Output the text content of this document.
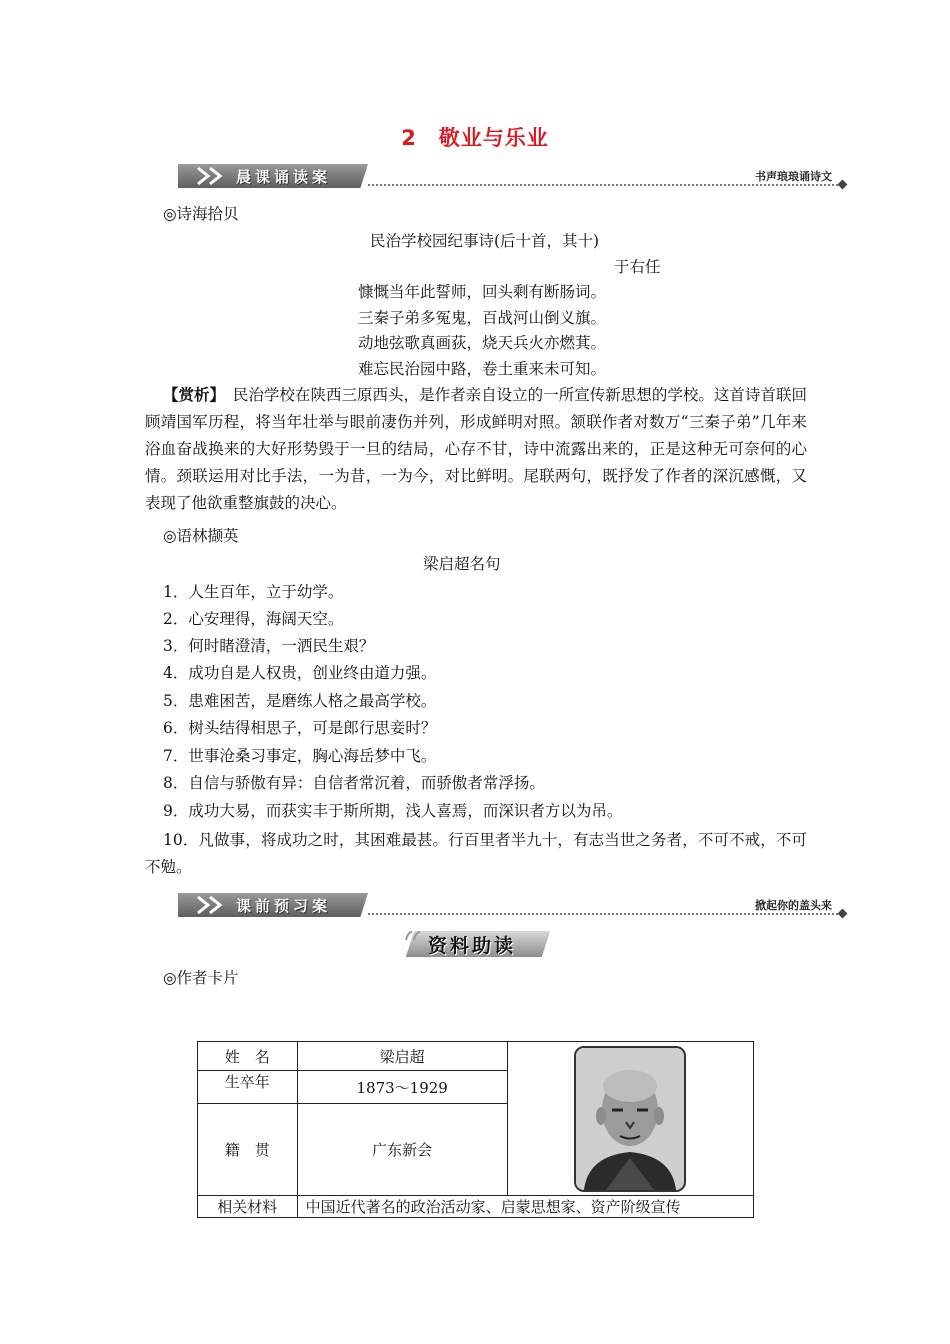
2　敬业与乐业
晨课诵读案	书声琅琅诵诗文
◎诗海拾贝
民治学校园纪事诗(后十首，其十)
于右任
慷慨当年此誓师，回头剩有断肠词。
三秦子弟多冤鬼，百战河山倒义旗。
动地弦歌真画荻，烧天兵火亦燃萁。
难忘民治园中路，卷土重来未可知。
【赏析】　 民治学校在陕西三原西头，是作者亲自设立的一所宣传新思想的学校。这首诗首联回顾靖国军历程，将当年壮举与眼前凄伤并列，形成鲜明对照。颔联作者对数万“三秦子弟”几年来浴血奋战换来的大好形势毁于一旦的结局，心存不甘，诗中流露出来的，正是这种无可奈何的心情。颈联运用对比手法，一为昔，一为今，对比鲜明。尾联两句，既抒发了作者的深沉感慨，又表现了他欲重整旗鼓的决心。
◎语林撷英
梁启超名句
1．人生百年，立于幼学。
2．心安理得，海阔天空。
3．何时睹澄清，一洒民生艰？
4．成功自是人权贵，创业终由道力强。
5．患难困苦，是磨练人格之最高学校。
6．树头结得相思子，可是郎行思妾时？
7．世事沧桑习事定，胸心海岳梦中飞。
8．自信与骄傲有异：自信者常沉着，而骄傲者常浮扬。
9．成功大易，而获实丰于斯所期，浅人喜焉，而深识者方以为吊。
10．凡做事，将成功之时，其困难最甚。行百里者半九十，有志当世之务者，不可不戒，不可不勉。
课前预习案	掀起你的盖头来
资料助读
◎作者卡片
姓　名	梁启超	

生卒年	1873～1929	
籍　贯	广东新会	
相关材料	中国近代著名的政治活动家、启蒙思想家、资产阶级宣传	
